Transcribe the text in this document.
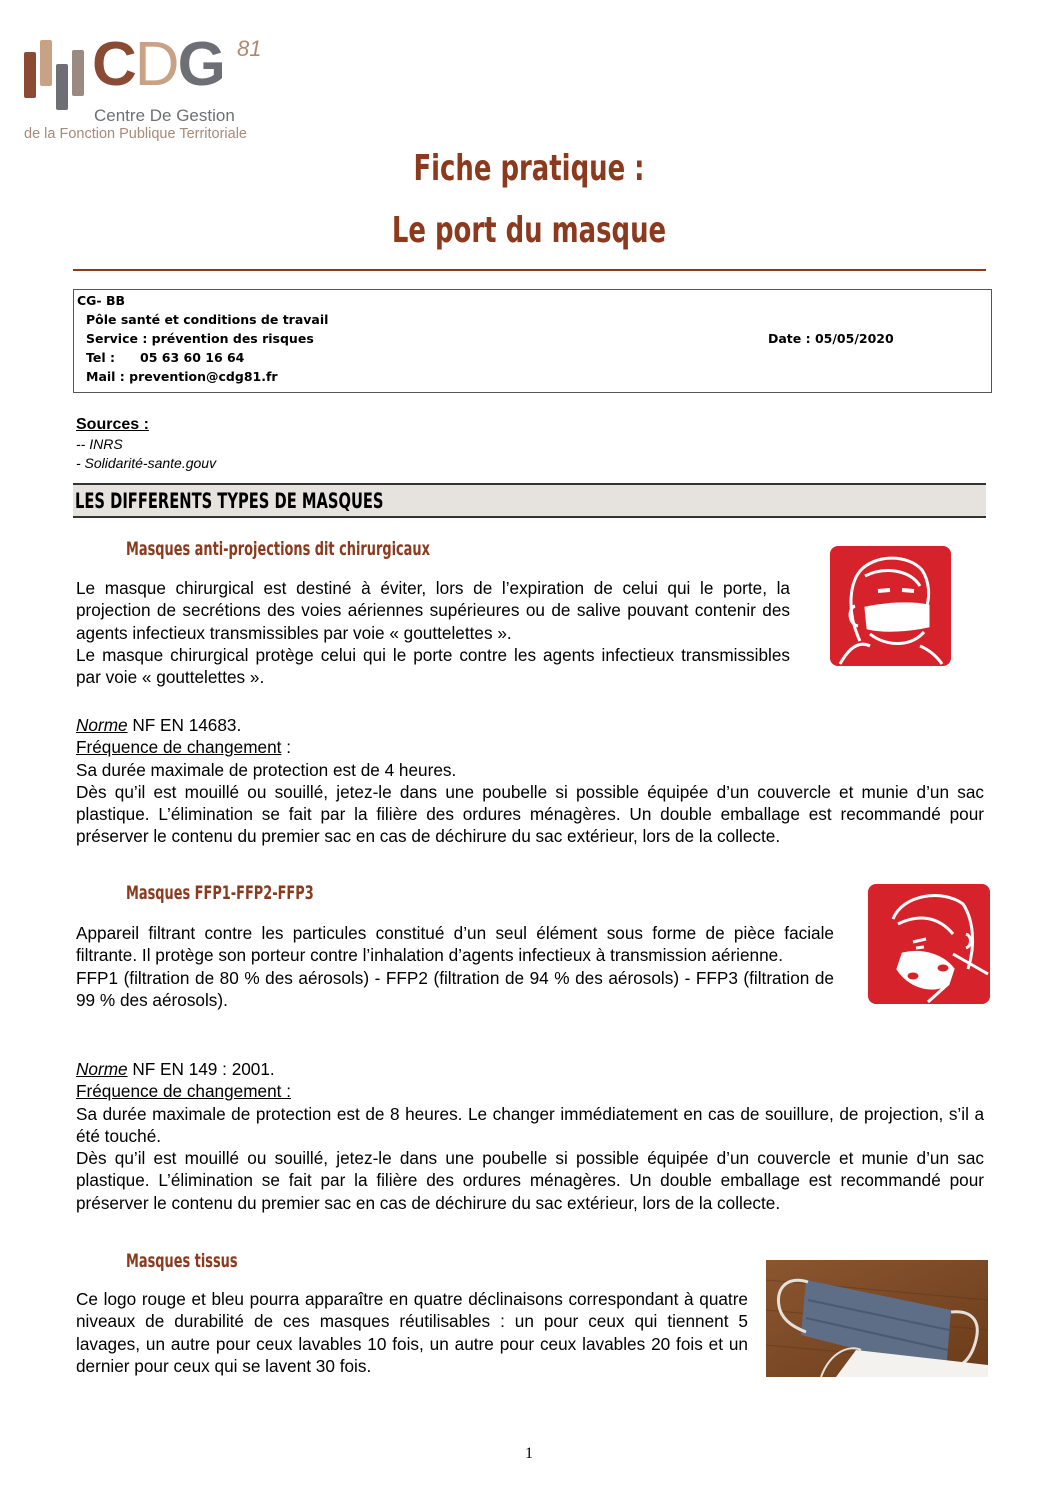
CDG 81
Centre De Gestion
de la Fonction Publique Territoriale
Fiche pratique :
Le port du masque
CG- BB
Pôle santé et conditions de travail
Service : prévention des risques
Tel : 05 63 60 16 64
Mail : prevention@cdg81.fr
Date : 05/05/2020
Sources :
-- INRS
- Solidarité-sante.gouv
LES DIFFERENTS TYPES DE MASQUES
Masques anti-projections dit chirurgicaux

Le masque chirurgical est destiné à éviter, lors de l’expiration de celui qui le porte, la projection de secrétions des voies aériennes supérieures ou de salive pouvant contenir des agents infectieux transmissibles par voie « gouttelettes ».

Le masque chirurgical protège celui qui le porte contre les agents infectieux transmissibles par voie « gouttelettes ».

Norme NF EN 14683.

Fréquence de changement :

Sa durée maximale de protection est de 4 heures.

Dès qu’il est mouillé ou souillé, jetez-le dans une poubelle si possible équipée d’un couvercle et munie d’un sac plastique. L’élimination se fait par la filière des ordures ménagères. Un double emballage est recommandé pour préserver le contenu du premier sac en cas de déchirure du sac extérieur, lors de la collecte.

Masques FFP1-FFP2-FFP3

Appareil filtrant contre les particules constitué d’un seul élément sous forme de pièce faciale filtrante. Il protège son porteur contre l’inhalation d’agents infectieux à transmission aérienne.

FFP1 (filtration de 80 % des aérosols) - FFP2 (filtration de 94 % des aérosols) - FFP3 (filtration de 99 % des aérosols).

Norme NF EN 149 : 2001.

Fréquence de changement :

Sa durée maximale de protection est de 8 heures. Le changer immédiatement en cas de souillure, de projection, s’il a été touché.

Dès qu’il est mouillé ou souillé, jetez-le dans une poubelle si possible équipée d’un couvercle et munie d’un sac plastique. L’élimination se fait par la filière des ordures ménagères. Un double emballage est recommandé pour préserver le contenu du premier sac en cas de déchirure du sac extérieur, lors de la collecte.

Masques tissus

Ce logo rouge et bleu pourra apparaître en quatre déclinaisons correspondant à quatre niveaux de durabilité de ces masques réutilisables : un pour ceux qui tiennent 5 lavages, un autre pour ceux lavables 10 fois, un autre pour ceux lavables 20 fois et un dernier pour ceux qui se lavent 30 fois.

1
